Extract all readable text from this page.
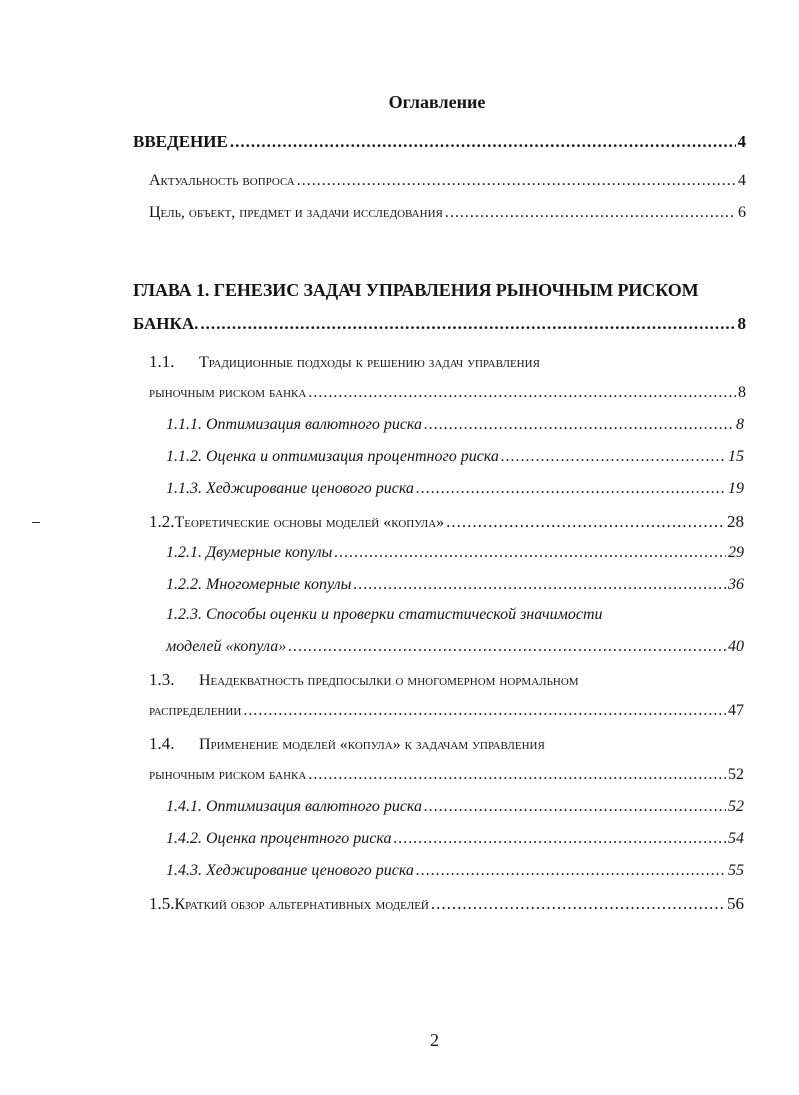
Оглавление
ВВЕДЕНИЕ .....	4
Актуальность вопроса .....	4
Цель, объект, предмет и задачи исследования .....	6
ГЛАВА 1. ГЕНЕЗИС ЗАДАЧ УПРАВЛЕНИЯ РЫНОЧНЫМ РИСКОМ
БАНКА. .....	8
1.1. Традиционные подходы к решению задач управления
рыночным риском банка .....	8
1.1.1. Оптимизация валютного риска .....	8
1.1.2. Оценка и оптимизация процентного риска .....	15
1.1.3. Хеджирование ценового риска .....	19
1.2. Теоретические основы моделей «копула» .....	28
1.2.1. Двумерные копулы .....	29
1.2.2. Многомерные копулы .....	36
1.2.3. Способы оценки и проверки статистической значимости
моделей «копула» .....	40
1.3. Неадекватность предпосылки о многомерном нормальном
распределении .....	47
1.4. Применение моделей «копула» к задачам управления
рыночным риском банка .....	52
1.4.1. Оптимизация валютного риска .....	52
1.4.2. Оценка процентного риска .....	54
1.4.3. Хеджирование ценового риска .....	55
1.5. Краткий обзор альтернативных моделей .....	56
2
